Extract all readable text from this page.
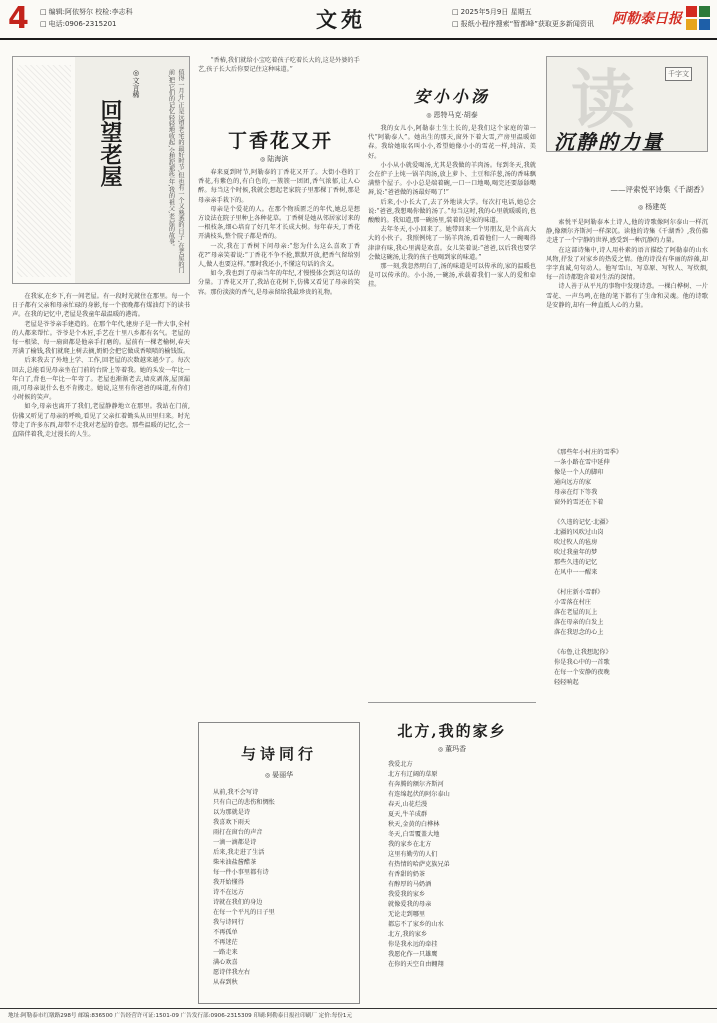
4	□ 编辑:阿依努尔 校检:李志科
□ 电话:0906-2315201	文苑	□ 2025年5月9日 星期五
□ 报纸小程序搜索“暂都峰”获取更多新闻资讯 阿勒泰日报
回望老屋
◎文言稀	值得一月升,正是远望老宅的最好时节,但也有一个又熟悉的日子,在老屋的门前,把它们的记忆轻轻地收起,会想起那些年,我的祖父,老屋的故事。

在我家,在乡下,有一间老屋。有一段时光就住在那里。每一个日子都有父亲和母亲忙碌的身影,每一个夜晚都有煤油灯下的读书声。在我的记忆中,老屋是我童年最温暖的港湾。

老屋是爷爷亲手建造的。在那个年代,建房子是一件大事,全村的人都来帮忙。爷爷是个木匠,手艺在十里八乡都有名气。老屋的每一根梁、每一扇窗都是他亲手打磨的。屋前有一棵老榆树,春天开满了榆钱,我们就爬上树去摘,奶奶会把它做成香喷喷的榆钱饭。

后来我去了外地上学、工作,回老屋的次数越来越少了。每次回去,总能看见母亲坐在门前的台阶上等着我。她的头发一年比一年白了,背也一年比一年弯了。老屋也渐渐老去,墙皮剥落,屋顶漏雨,可母亲说什么也不肯搬走。她说,这里有你爸爸的味道,有你们小时候的笑声。

如今,母亲也离开了我们,老屋静静地立在那里。我站在门前,仿佛又听见了母亲的呼唤,看见了父亲扛着锄头从田里归来。时光带走了许多东西,却带不走我对老屋的眷恋。那些温暖的记忆,会一直陪伴着我,走过漫长的人生。

“香椿,我们就给小宝吃着孩子吃着长大的,这是外婆的手艺,孩子长大后你要记住这种味道。”
丁香花又开
◎ 陆海滨

春来夏到时节,阿勒泰的丁香花又开了。大街小巷的丁香花,有紫色的,有白色的,一簇簇一团团,香气浓郁,让人心醉。每当这个时候,我就会想起老家院子里那棵丁香树,那是母亲亲手栽下的。

母亲是个爱花的人。在那个物质匮乏的年代,她总是想方设法在院子里种上各种花草。丁香树是她从邻居家讨来的一根枝条,细心培育了好几年才长成大树。每年春天,丁香花开满枝头,整个院子都是香的。

一次,我在丁香树下问母亲:“您为什么这么喜欢丁香花?”母亲笑着说:“丁香花不争不抢,默默开放,把香气留给别人,做人也要这样。”那时我还小,不懂这句话的含义。

如今,我也到了母亲当年的年纪,才慢慢体会到这句话的分量。丁香花又开了,我站在花树下,仿佛又看见了母亲的笑容。那份淡淡的香气,是母亲留给我最珍贵的礼物。

与诗同行
◎ 晏丽华
从前,我不会写诗
只有自己的悲伤和惆怅
以为那就是诗
我喜欢下雨天
雨打在窗台的声音
一滴一滴都是诗
后来,我走进了生活
柴米油盐酱醋茶
每一件小事里都有诗
我开始懂得
诗不在远方
诗就在我们的身边
在每一个平凡的日子里
我与诗同行
不再孤单
不再迷茫
一路走来
满心欢喜
愿诗伴我左右
从春到秋
安小小汤
◎ 恩特马克·胡泰

我的女儿小,阿勒泰土生土长的,是我们这个家庭的第一代“阿勒泰人”。她出生的那天,窗外下着大雪,产房里温暖如春。我给她取名叫小小,希望她像小小的雪花一样,纯洁、美好。

小小从小就爱喝汤,尤其是我做的羊肉汤。每到冬天,我就会在炉子上炖一锅羊肉汤,放上萝卜、土豆和洋葱,汤的香味飘满整个屋子。小小总是端着碗,一口一口地喝,喝完还要舔舔嘴唇,说:“爸爸做的汤最好喝了!”

后来,小小长大了,去了外地读大学。每次打电话,她总会说:“爸爸,我想喝你做的汤了。”每当这时,我的心里就暖暖的,也酸酸的。我知道,那一碗汤里,装着的是家的味道。

去年冬天,小小回来了。她带回来一个男朋友,是个高高大大的小伙子。我照例炖了一锅羊肉汤,看着他们一人一碗喝得津津有味,我心里满是欢喜。女儿笑着说:“爸爸,以后我也要学会做这碗汤,让我的孩子也喝到家的味道。”

那一刻,我忽然明白了,汤的味道是可以传承的,家的温暖也是可以传承的。小小汤,一碗汤,承载着我们一家人的爱和牵挂。

北方,我的家乡
◎ 董玛香
我爱北方
北方有辽阔的草原
有奔腾的额尔齐斯河
有连绵起伏的阿尔泰山
春天,山花烂漫
夏天,牛羊成群
秋天,金黄的白桦林
冬天,白雪覆盖大地
我的家乡在北方
这里有勤劳的人们
有热情的哈萨克族兄弟
有香甜的奶茶
有醇厚的马奶酒
我爱我的家乡
就像爱我的母亲
无论走到哪里
都忘不了家乡的山水
北方,我的家乡
你是我永远的牵挂
我愿化作一只雄鹰
在你的天空自由翱翔
读	千字文
沉静的力量
——评索悦平诗集《千湖香》
◎ 杨建英

索悦平是阿勒泰本土诗人,他的诗歌像阿尔泰山一样沉静,像额尔齐斯河一样深沉。读他的诗集《千湖香》,我仿佛走进了一个宁静的世界,感受到一种沉静的力量。

在这部诗集中,诗人用朴素的语言描绘了阿勒泰的山水风物,抒发了对家乡的热爱之情。他的诗没有华丽的辞藻,却字字真诚,句句动人。他写雪山、写草原、写牧人、写炊烟,每一首诗都饱含着对生活的深情。

诗人善于从平凡的事物中发现诗意。一棵白桦树、一片雪花、一声鸟鸣,在他的笔下都有了生命和灵魂。他的诗歌是安静的,却有一种直抵人心的力量。

《那些年小村庄的雪季》
一条小路在雪中延伸
像是一个人的脚印
通向远方的家
母亲在灯下等我
窗外的雪还在下着

《久违的记忆·北疆》
北疆的风吹过山岗
吹过牧人的毡房
吹过我童年的梦
那些久违的记忆
在风中一一醒来

《村庄新小雪群》
小雪落在村庄
落在老屋的瓦上
落在母亲的白发上
落在我思念的心上

《布鲁,让我想起你》
你是我心中的一首歌
在每一个安静的夜晚
轻轻响起
地址:阿勒泰市红墩路298号 邮编:836500 广告经营许可证:1501-09 广告发行部:0906-2315309 印刷:阿勒泰日报社印刷厂 定价:每份1元
